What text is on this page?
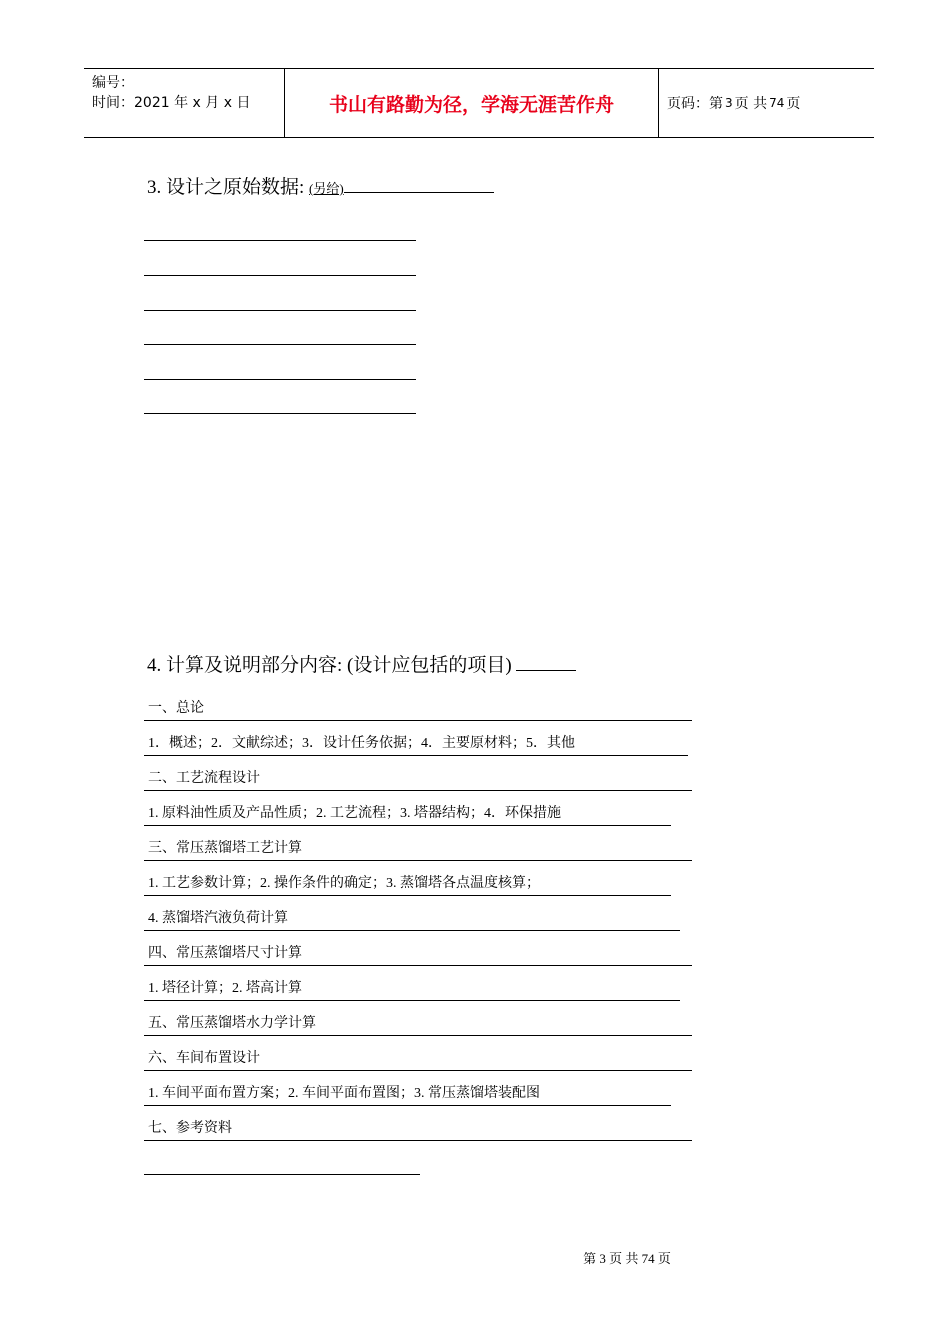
编号：
时间：2021 年 x 月 x 日	书山有路勤为径，学海无涯苦作舟	页码：第 3 页 共 74 页
3. 设计之原始数据: (另给)
4. 计算及说明部分内容: (设计应包括的项目)
一、总论
1．概述；2．文献综述；3．设计任务依据；4．主要原材料；5．其他
二、工艺流程设计
1. 原料油性质及产品性质；2. 工艺流程；3. 塔器结构；4．环保措施
三、常压蒸馏塔工艺计算
1. 工艺参数计算；2. 操作条件的确定；3. 蒸馏塔各点温度核算；
4. 蒸馏塔汽液负荷计算
四、常压蒸馏塔尺寸计算
1. 塔径计算；2. 塔高计算
五、常压蒸馏塔水力学计算
六、车间布置设计
1. 车间平面布置方案；2. 车间平面布置图；3. 常压蒸馏塔装配图
七、参考资料
第 3 页 共 74 页
